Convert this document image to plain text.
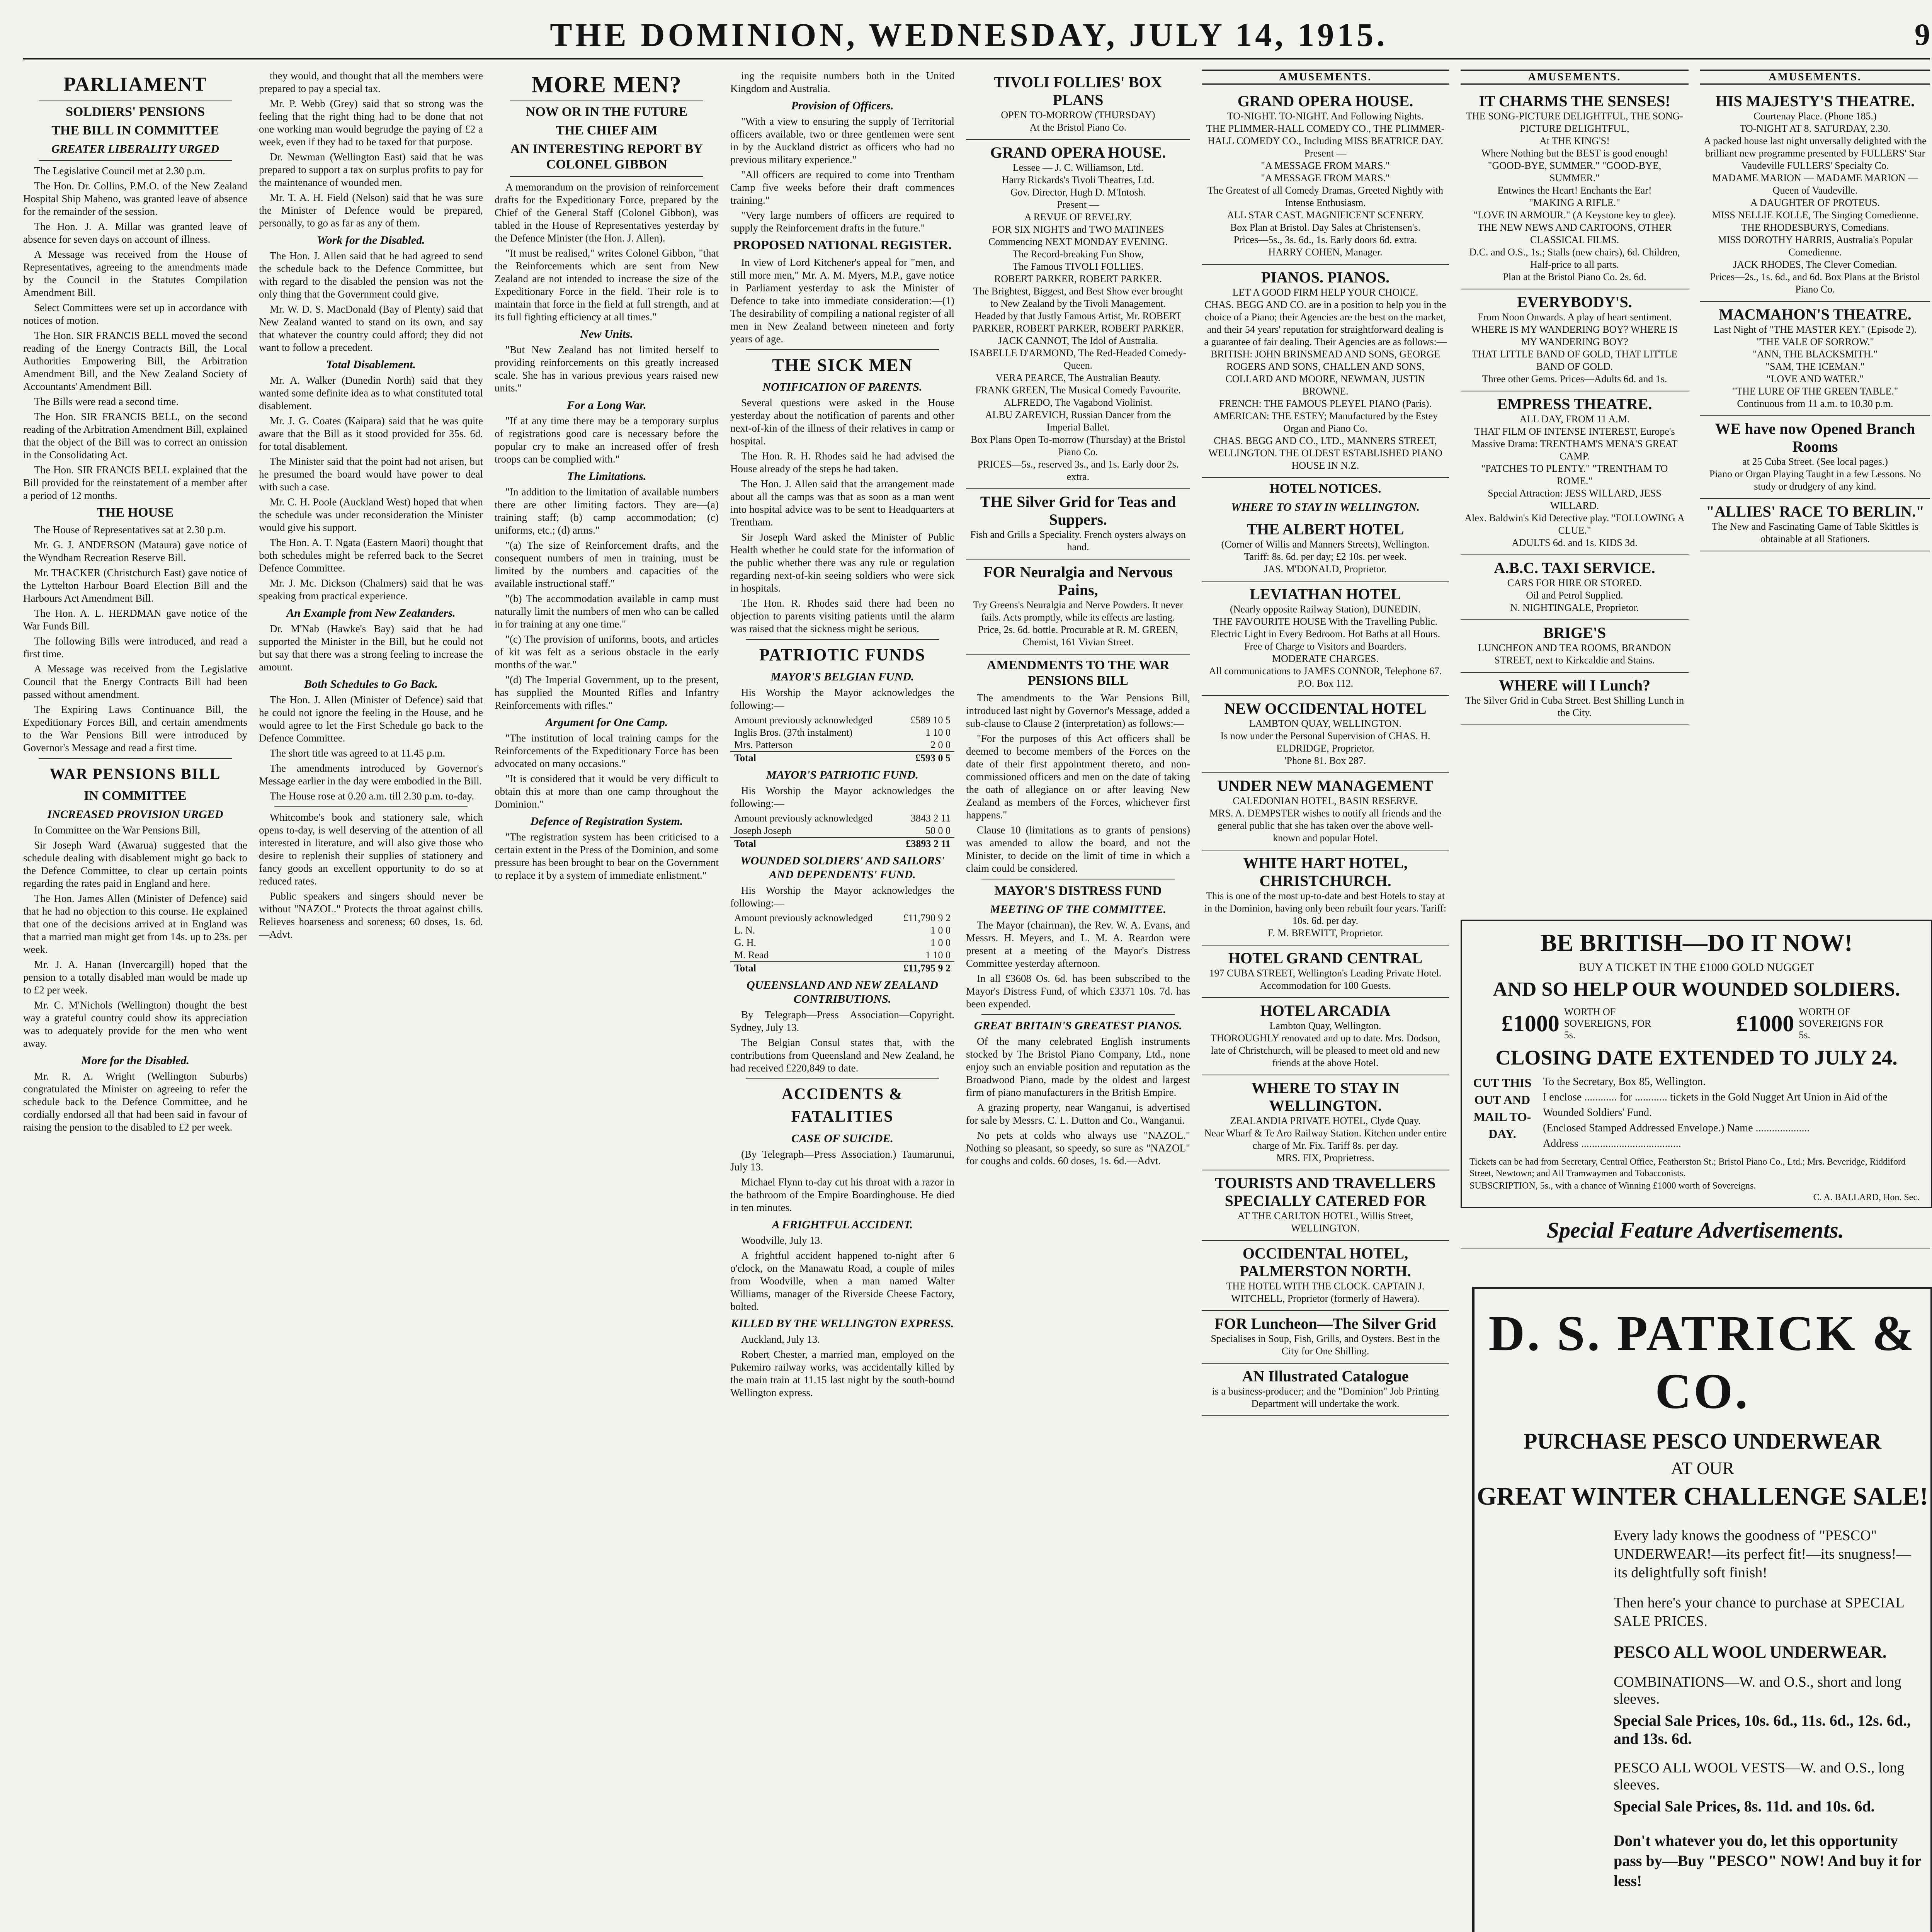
THE DOMINION, WEDNESDAY, JULY 14, 1915.	9
PARLIAMENT
SOLDIERS' PENSIONS
THE BILL IN COMMITTEE
GREATER LIBERALITY URGED

The Legislative Council met at 2.30 p.m.

The Hon. Dr. Collins, P.M.O. of the New Zealand Hospital Ship Maheno, was granted leave of absence for the remainder of the session.

The Hon. J. A. Millar was granted leave of absence for seven days on account of illness.

A Message was received from the House of Representatives, agreeing to the amendments made by the Council in the Statutes Compilation Amendment Bill.

Select Committees were set up in accordance with notices of motion.

The Hon. SIR FRANCIS BELL moved the second reading of the Energy Contracts Bill, the Local Authorities Empowering Bill, the Arbitration Amendment Bill, and the New Zealand Society of Accountants' Amendment Bill.

The Bills were read a second time.

The Hon. SIR FRANCIS BELL, on the second reading of the Arbitration Amendment Bill, explained that the object of the Bill was to correct an omission in the Consolidating Act.

The Hon. SIR FRANCIS BELL explained that the Bill provided for the reinstatement of a member after a period of 12 months.

THE HOUSE

The House of Representatives sat at 2.30 p.m.

Mr. G. J. ANDERSON (Mataura) gave notice of the Wyndham Recreation Reserve Bill.

Mr. THACKER (Christchurch East) gave notice of the Lyttelton Harbour Board Election Bill and the Harbours Act Amendment Bill.

The Hon. A. L. HERDMAN gave notice of the War Funds Bill.

The following Bills were introduced, and read a first time.

A Message was received from the Legislative Council that the Energy Contracts Bill had been passed without amendment.

The Expiring Laws Continuance Bill, the Expeditionary Forces Bill, and certain amendments to the War Pensions Bill were introduced by Governor's Message and read a first time.

WAR PENSIONS BILL
IN COMMITTEE
INCREASED PROVISION URGED

In Committee on the War Pensions Bill,

Sir Joseph Ward (Awarua) suggested that the schedule dealing with disablement might go back to the Defence Committee, to clear up certain points regarding the rates paid in England and here.

The Hon. James Allen (Minister of Defence) said that he had no objection to this course. He explained that one of the decisions arrived at in England was that a married man might get from 14s. up to 23s. per week.

Mr. J. A. Hanan (Invercargill) hoped that the pension to a totally disabled man would be made up to £2 per week.

Mr. C. M'Nichols (Wellington) thought the best way a grateful country could show its appreciation was to adequately provide for the men who went away.

More for the Disabled.

Mr. R. A. Wright (Wellington Suburbs) congratulated the Minister on agreeing to refer the schedule back to the Defence Committee, and he cordially endorsed all that had been said in favour of raising the pension to the disabled to £2 per week.

they would, and thought that all the members were prepared to pay a special tax.

Mr. P. Webb (Grey) said that so strong was the feeling that the right thing had to be done that not one working man would begrudge the paying of £2 a week, even if they had to be taxed for that purpose.

Dr. Newman (Wellington East) said that he was prepared to support a tax on surplus profits to pay for the maintenance of wounded men.

Mr. T. A. H. Field (Nelson) said that he was sure the Minister of Defence would be prepared, personally, to go as far as any of them.

Work for the Disabled.

The Hon. J. Allen said that he had agreed to send the schedule back to the Defence Committee, but with regard to the disabled the pension was not the only thing that the Government could give.

Mr. W. D. S. MacDonald (Bay of Plenty) said that New Zealand wanted to stand on its own, and say that whatever the country could afford; they did not want to follow a precedent.

Total Disablement.

Mr. A. Walker (Dunedin North) said that they wanted some definite idea as to what constituted total disablement.

Mr. J. G. Coates (Kaipara) said that he was quite aware that the Bill as it stood provided for 35s. 6d. for total disablement.

The Minister said that the point had not arisen, but he presumed the board would have power to deal with such a case.

Mr. C. H. Poole (Auckland West) hoped that when the schedule was under reconsideration the Minister would give his support.

The Hon. A. T. Ngata (Eastern Maori) thought that both schedules might be referred back to the Secret Defence Committee.

Mr. J. Mc. Dickson (Chalmers) said that he was speaking from practical experience.

An Example from New Zealanders.

Dr. M'Nab (Hawke's Bay) said that he had supported the Minister in the Bill, but he could not but say that there was a strong feeling to increase the amount.

Both Schedules to Go Back.

The Hon. J. Allen (Minister of Defence) said that he could not ignore the feeling in the House, and he would agree to let the First Schedule go back to the Defence Committee.

The short title was agreed to at 11.45 p.m.

The amendments introduced by Governor's Message earlier in the day were embodied in the Bill.

The House rose at 0.20 a.m. till 2.30 p.m. to-day.

Whitcombe's book and stationery sale, which opens to-day, is well deserving of the attention of all interested in literature, and will also give those who desire to replenish their supplies of stationery and fancy goods an excellent opportunity to do so at reduced rates.

Public speakers and singers should never be without "NAZOL." Protects the throat against chills. Relieves hoarseness and soreness; 60 doses, 1s. 6d.—Advt.

MORE MEN?
NOW OR IN THE FUTURE
THE CHIEF AIM
AN INTERESTING REPORT BY COLONEL GIBBON

A memorandum on the provision of reinforcement drafts for the Expeditionary Force, prepared by the Chief of the General Staff (Colonel Gibbon), was tabled in the House of Representatives yesterday by the Defence Minister (the Hon. J. Allen).

"It must be realised," writes Colonel Gibbon, "that the Reinforcements which are sent from New Zealand are not intended to increase the size of the Expeditionary Force in the field. Their role is to maintain that force in the field at full strength, and at its full fighting efficiency at all times."

New Units.

"But New Zealand has not limited herself to providing reinforcements on this greatly increased scale. She has in various previous years raised new units."

For a Long War.

"If at any time there may be a temporary surplus of registrations good care is necessary before the popular cry to make an increased offer of fresh troops can be complied with."

The Limitations.

"In addition to the limitation of available numbers there are other limiting factors. They are—(a) training staff; (b) camp accommodation; (c) uniforms, etc.; (d) arms."

"(a) The size of Reinforcement drafts, and the consequent numbers of men in training, must be limited by the numbers and capacities of the available instructional staff."

"(b) The accommodation available in camp must naturally limit the numbers of men who can be called in for training at any one time."

"(c) The provision of uniforms, boots, and articles of kit was felt as a serious obstacle in the early months of the war."

"(d) The Imperial Government, up to the present, has supplied the Mounted Rifles and Infantry Reinforcements with rifles."

Argument for One Camp.

"The institution of local training camps for the Reinforcements of the Expeditionary Force has been advocated on many occasions."

"It is considered that it would be very difficult to obtain this at more than one camp throughout the Dominion."

Defence of Registration System.

"The registration system has been criticised to a certain extent in the Press of the Dominion, and some pressure has been brought to bear on the Government to replace it by a system of immediate enlistment."

ing the requisite numbers both in the United Kingdom and Australia.

Provision of Officers.

"With a view to ensuring the supply of Territorial officers available, two or three gentlemen were sent in by the Auckland district as officers who had no previous military experience."

"All officers are required to come into Trentham Camp five weeks before their draft commences training."

"Very large numbers of officers are required to supply the Reinforcement drafts in the future."

PROPOSED NATIONAL REGISTER.

In view of Lord Kitchener's appeal for "men, and still more men," Mr. A. M. Myers, M.P., gave notice in Parliament yesterday to ask the Minister of Defence to take into immediate consideration:—(1) The desirability of compiling a national register of all men in New Zealand between nineteen and forty years of age.

THE SICK MEN
NOTIFICATION OF PARENTS.

Several questions were asked in the House yesterday about the notification of parents and other next-of-kin of the illness of their relatives in camp or hospital.

The Hon. R. H. Rhodes said he had advised the House already of the steps he had taken.

The Hon. J. Allen said that the arrangement made about all the camps was that as soon as a man went into hospital advice was to be sent to Headquarters at Trentham.

Sir Joseph Ward asked the Minister of Public Health whether he could state for the information of the public whether there was any rule or regulation regarding next-of-kin seeing soldiers who were sick in hospitals.

The Hon. R. Rhodes said there had been no objection to parents visiting patients until the alarm was raised that the sickness might be serious.

PATRIOTIC FUNDS
MAYOR'S BELGIAN FUND.

His Worship the Mayor acknowledges the following:—

Amount previously acknowledged	£589 10 5
Inglis Bros. (37th instalment)	1 10 0
Mrs. Patterson	2 0 0
Total	£593 0 5
MAYOR'S PATRIOTIC FUND.

His Worship the Mayor acknowledges the following:—

Amount previously acknowledged	3843 2 11
Joseph Joseph	50 0 0
Total	£3893 2 11
WOUNDED SOLDIERS' AND SAILORS' AND DEPENDENTS' FUND.

His Worship the Mayor acknowledges the following:—

Amount previously acknowledged	£11,790 9 2
L. N.	1 0 0
G. H.	1 0 0
M. Read	1 10 0
Total	£11,795 9 2
QUEENSLAND AND NEW ZEALAND CONTRIBUTIONS.

By Telegraph—Press Association—Copyright. Sydney, July 13.

The Belgian Consul states that, with the contributions from Queensland and New Zealand, he had received £220,849 to date.

ACCIDENTS & FATALITIES
CASE OF SUICIDE.

(By Telegraph—Press Association.) Taumarunui, July 13.

Michael Flynn to-day cut his throat with a razor in the bathroom of the Empire Boardinghouse. He died in ten minutes.

A FRIGHTFUL ACCIDENT.

Woodville, July 13.

A frightful accident happened to-night after 6 o'clock, on the Manawatu Road, a couple of miles from Woodville, when a man named Walter Williams, manager of the Riverside Cheese Factory, bolted.

KILLED BY THE WELLINGTON EXPRESS.

Auckland, July 13.

Robert Chester, a married man, employed on the Pukemiro railway works, was accidentally killed by the main train at 11.15 last night by the south-bound Wellington express.

TIVOLI FOLLIES' BOX PLANS
OPEN TO-MORROW (THURSDAY)
At the Bristol Piano Co.
GRAND OPERA HOUSE.
Lessee — J. C. Williamson, Ltd.
Harry Rickards's Tivoli Theatres, Ltd.
Gov. Director, Hugh D. M'Intosh.
Present —
A REVUE OF REVELRY.
FOR SIX NIGHTS and TWO MATINEES
Commencing NEXT MONDAY EVENING.
The Record-breaking Fun Show,
The Famous TIVOLI FOLLIES.
ROBERT PARKER, ROBERT PARKER.
The Brightest, Biggest, and Best Show ever brought to New Zealand by the Tivoli Management.
Headed by that Justly Famous Artist, Mr. ROBERT PARKER, ROBERT PARKER, ROBERT PARKER.
JACK CANNOT, The Idol of Australia.
ISABELLE D'ARMOND, The Red-Headed Comedy-Queen.
VERA PEARCE, The Australian Beauty.
FRANK GREEN, The Musical Comedy Favourite.
ALFREDO, The Vagabond Violinist.
ALBU ZAREVICH, Russian Dancer from the Imperial Ballet.
Box Plans Open To-morrow (Thursday) at the Bristol Piano Co.
PRICES—5s., reserved 3s., and 1s. Early door 2s. extra.
THE Silver Grid for Teas and Suppers.
Fish and Grills a Speciality. French oysters always on hand.
FOR Neuralgia and Nervous Pains,
Try Greens's Neuralgia and Nerve Powders. It never fails. Acts promptly, while its effects are lasting. Price, 2s. 6d. bottle. Procurable at R. M. GREEN, Chemist, 161 Vivian Street.
AMENDMENTS TO THE WAR PENSIONS BILL

The amendments to the War Pensions Bill, introduced last night by Governor's Message, added a sub-clause to Clause 2 (interpretation) as follows:—

"For the purposes of this Act officers shall be deemed to become members of the Forces on the date of their first appointment thereto, and non-commissioned officers and men on the date of taking the oath of allegiance on or after leaving New Zealand as members of the Forces, whichever first happens."

Clause 10 (limitations as to grants of pensions) was amended to allow the board, and not the Minister, to decide on the limit of time in which a claim could be considered.

MAYOR'S DISTRESS FUND
MEETING OF THE COMMITTEE.

The Mayor (chairman), the Rev. W. A. Evans, and Messrs. H. Meyers, and L. M. A. Reardon were present at a meeting of the Mayor's Distress Committee yesterday afternoon.

In all £3608 Os. 6d. has been subscribed to the Mayor's Distress Fund, of which £3371 10s. 7d. has been expended.

GREAT BRITAIN'S GREATEST PIANOS.

Of the many celebrated English instruments stocked by The Bristol Piano Company, Ltd., none enjoy such an enviable position and reputation as the Broadwood Piano, made by the oldest and largest firm of piano manufacturers in the British Empire.

A grazing property, near Wanganui, is advertised for sale by Messrs. C. L. Dutton and Co., Wanganui.

No pets at colds who always use "NAZOL." Nothing so pleasant, so speedy, so sure as "NAZOL" for coughs and colds. 60 doses, 1s. 6d.—Advt.

AMUSEMENTS.
GRAND OPERA HOUSE.
TO-NIGHT. TO-NIGHT. And Following Nights.
THE PLIMMER-HALL COMEDY CO., THE PLIMMER-HALL COMEDY CO., Including MISS BEATRICE DAY.
Present —
"A MESSAGE FROM MARS."
"A MESSAGE FROM MARS."
The Greatest of all Comedy Dramas, Greeted Nightly with Intense Enthusiasm.
ALL STAR CAST. MAGNIFICENT SCENERY.
Box Plan at Bristol. Day Sales at Christensen's.
Prices—5s., 3s. 6d., 1s. Early doors 6d. extra.
HARRY COHEN, Manager.
PIANOS. PIANOS.
LET A GOOD FIRM HELP YOUR CHOICE.
CHAS. BEGG AND CO. are in a position to help you in the choice of a Piano; their Agencies are the best on the market, and their 54 years' reputation for straightforward dealing is a guarantee of fair dealing. Their Agencies are as follows:—
BRITISH: JOHN BRINSMEAD AND SONS, GEORGE ROGERS AND SONS, CHALLEN AND SONS, COLLARD AND MOORE, NEWMAN, JUSTIN BROWNE.
FRENCH: THE FAMOUS PLEYEL PIANO (Paris).
AMERICAN: THE ESTEY; Manufactured by the Estey Organ and Piano Co.
CHAS. BEGG AND CO., LTD., MANNERS STREET, WELLINGTON. THE OLDEST ESTABLISHED PIANO HOUSE IN N.Z.
HOTEL NOTICES.
WHERE TO STAY IN WELLINGTON.
THE ALBERT HOTEL
(Corner of Willis and Manners Streets), Wellington.
Tariff: 8s. 6d. per day; £2 10s. per week.
JAS. M'DONALD, Proprietor.
LEVIATHAN HOTEL
(Nearly opposite Railway Station), DUNEDIN.
THE FAVOURITE HOUSE With the Travelling Public.
Electric Light in Every Bedroom. Hot Baths at all Hours. Free of Charge to Visitors and Boarders.
MODERATE CHARGES.
All communications to JAMES CONNOR, Telephone 67. P.O. Box 112.
NEW OCCIDENTAL HOTEL
LAMBTON QUAY, WELLINGTON.
Is now under the Personal Supervision of CHAS. H. ELDRIDGE, Proprietor.
'Phone 81. Box 287.
UNDER NEW MANAGEMENT
CALEDONIAN HOTEL, BASIN RESERVE.
MRS. A. DEMPSTER wishes to notify all friends and the general public that she has taken over the above well-known and popular Hotel.
WHITE HART HOTEL, CHRISTCHURCH.
This is one of the most up-to-date and best Hotels to stay at in the Dominion, having only been rebuilt four years. Tariff: 10s. 6d. per day.
F. M. BREWITT, Proprietor.
HOTEL GRAND CENTRAL
197 CUBA STREET, Wellington's Leading Private Hotel. Accommodation for 100 Guests.
HOTEL ARCADIA
Lambton Quay, Wellington.
THOROUGHLY renovated and up to date. Mrs. Dodson, late of Christchurch, will be pleased to meet old and new friends at the above Hotel.
WHERE TO STAY IN WELLINGTON.
ZEALANDIA PRIVATE HOTEL, Clyde Quay.
Near Wharf & Te Aro Railway Station. Kitchen under entire charge of Mr. Fix. Tariff 8s. per day.
MRS. FIX, Proprietress.
TOURISTS AND TRAVELLERS SPECIALLY CATERED FOR
AT THE CARLTON HOTEL, Willis Street, WELLINGTON.
OCCIDENTAL HOTEL, PALMERSTON NORTH.
THE HOTEL WITH THE CLOCK. CAPTAIN J. WITCHELL, Proprietor (formerly of Hawera).
FOR Luncheon—The Silver Grid
Specialises in Soup, Fish, Grills, and Oysters. Best in the City for One Shilling.
AN Illustrated Catalogue
is a business-producer; and the "Dominion" Job Printing Department will undertake the work.
AMUSEMENTS.
IT CHARMS THE SENSES!
THE SONG-PICTURE DELIGHTFUL, THE SONG-PICTURE DELIGHTFUL,
At THE KING'S!
Where Nothing but the BEST is good enough!
"GOOD-BYE, SUMMER." "GOOD-BYE, SUMMER."
Entwines the Heart! Enchants the Ear!
"MAKING A RIFLE."
"LOVE IN ARMOUR." (A Keystone key to glee).
THE NEW NEWS AND CARTOONS, OTHER CLASSICAL FILMS.
D.C. and O.S., 1s.; Stalls (new chairs), 6d. Children, Half-price to all parts.
Plan at the Bristol Piano Co. 2s. 6d.
EVERYBODY'S.
From Noon Onwards. A play of heart sentiment.
WHERE IS MY WANDERING BOY? WHERE IS MY WANDERING BOY?
THAT LITTLE BAND OF GOLD, THAT LITTLE BAND OF GOLD.
Three other Gems. Prices—Adults 6d. and 1s.
EMPRESS THEATRE.
ALL DAY, FROM 11 A.M.
THAT FILM OF INTENSE INTEREST, Europe's Massive Drama: TRENTHAM'S MENA'S GREAT CAMP.
"PATCHES TO PLENTY." "TRENTHAM TO ROME."
Special Attraction: JESS WILLARD, JESS WILLARD.
Alex. Baldwin's Kid Detective play. "FOLLOWING A CLUE."
ADULTS 6d. and 1s. KIDS 3d.
A.B.C. TAXI SERVICE.
CARS FOR HIRE OR STORED.
Oil and Petrol Supplied.
N. NIGHTINGALE, Proprietor.
BRIGE'S
LUNCHEON AND TEA ROOMS, BRANDON STREET, next to Kirkcaldie and Stains.
WHERE will I Lunch?
The Silver Grid in Cuba Street. Best Shilling Lunch in the City.
AMUSEMENTS.
HIS MAJESTY'S THEATRE.
Courtenay Place. (Phone 185.)
TO-NIGHT AT 8. SATURDAY, 2.30.
A packed house last night unversally delighted with the brilliant new programme presented by FULLERS' Star Vaudeville FULLERS' Specialty Co.
MADAME MARION — MADAME MARION — Queen of Vaudeville.
A DAUGHTER OF PROTEUS.
MISS NELLIE KOLLE, The Singing Comedienne.
THE RHODESBURYS, Comedians.
MISS DOROTHY HARRIS, Australia's Popular Comedienne.
JACK RHODES, The Clever Comedian.
Prices—2s., 1s. 6d., and 6d. Box Plans at the Bristol Piano Co.
MACMAHON'S THEATRE.
Last Night of "THE MASTER KEY." (Episode 2).
"THE VALE OF SORROW."
"ANN, THE BLACKSMITH."
"SAM, THE ICEMAN."
"LOVE AND WATER."
"THE LURE OF THE GREEN TABLE."
Continuous from 11 a.m. to 10.30 p.m.
WE have now Opened Branch Rooms
at 25 Cuba Street. (See local pages.)
Piano or Organ Playing Taught in a few Lessons. No study or drudgery of any kind.
"ALLIES' RACE TO BERLIN."
The New and Fascinating Game of Table Skittles is obtainable at all Stationers.
BE BRITISH—DO IT NOW!
BUY A TICKET IN THE £1000 GOLD NUGGET
AND SO HELP OUR WOUNDED SOLDIERS.
£1000 WORTH OF SOVEREIGNS, FOR 5s.	£1000 WORTH OF SOVEREIGNS FOR 5s.
CLOSING DATE EXTENDED TO JULY 24.
CUT THIS OUT AND MAIL TO-DAY.
To the Secretary, Box 85, Wellington.
I enclose ............ for ............ tickets in the Gold Nugget Art Union in Aid of the Wounded Soldiers' Fund.
(Enclosed Stamped Addressed Envelope.) Name ....................
Address .....................................
Tickets can be had from Secretary, Central Office, Featherston St.; Bristol Piano Co., Ltd.; Mrs. Beveridge, Riddiford Street, Newtown; and All Tramwaymen and Tobacconists.
SUBSCRIPTION, 5s., with a chance of Winning £1000 worth of Sovereigns.
C. A. BALLARD, Hon. Sec.
Special Feature Advertisements.
D. S. PATRICK & CO.
PURCHASE PESCO UNDERWEAR
AT OUR
GREAT WINTER CHALLENGE SALE!
Every lady knows the goodness of "PESCO" UNDERWEAR!—its perfect fit!—its snugness!—its delightfully soft finish!
Then here's your chance to purchase at SPECIAL SALE PRICES.
PESCO ALL WOOL UNDERWEAR.
COMBINATIONS—W. and O.S., short and long sleeves.
Special Sale Prices, 10s. 6d., 11s. 6d., 12s. 6d., and 13s. 6d.
PESCO ALL WOOL VESTS—W. and O.S., long sleeves.
Special Sale Prices, 8s. 11d. and 10s. 6d.
Don't whatever you do, let this opportunity pass by—Buy "PESCO" NOW! And buy it for less!
